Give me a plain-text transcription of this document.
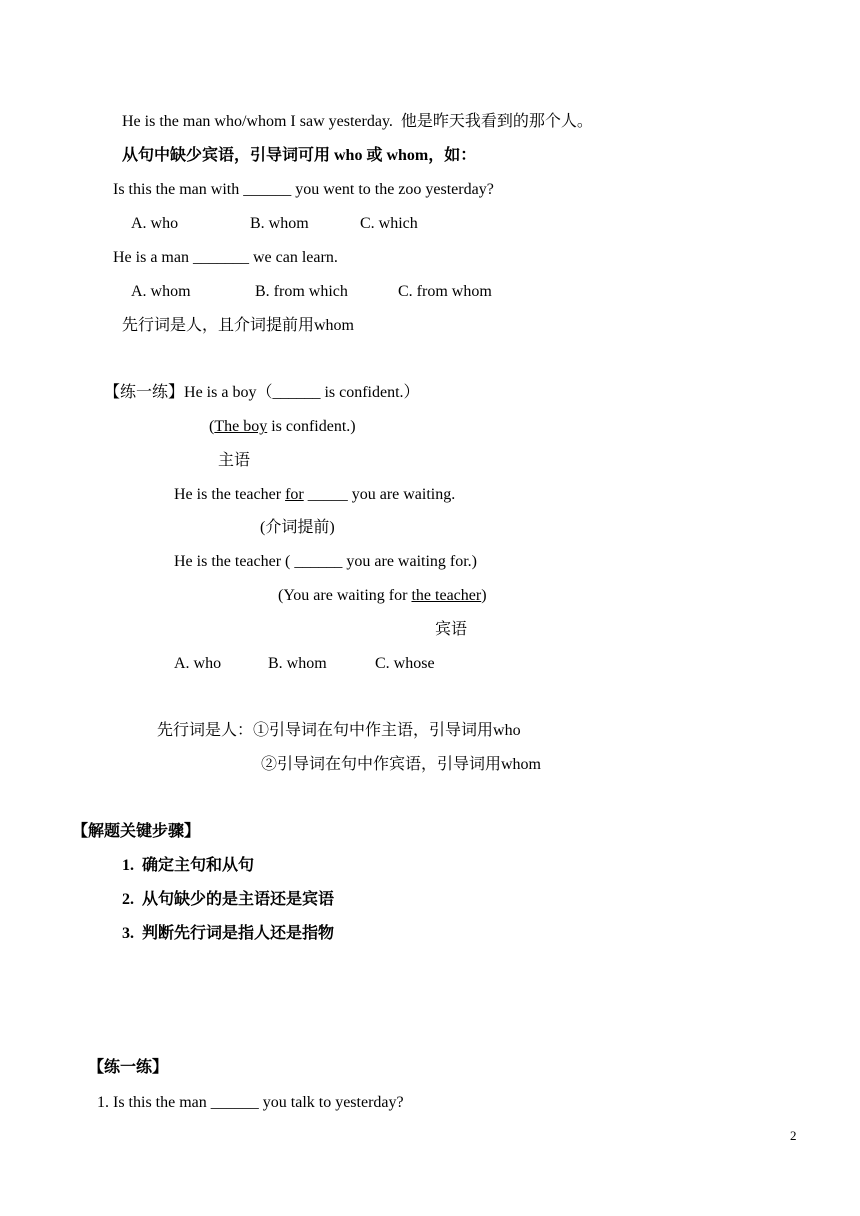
He is the man who/whom I saw yesterday.  他是昨天我看到的那个人。
从句中缺少宾语，引导词可用 who 或 whom，如：
Is this the man with ______ you went to the zoo yesterday?
A. who	B. whom	C. which
He is a man _______ we can learn.
A. whom	B. from which	C. from whom
先行词是人，且介词提前用whom
【练一练】He is a boy（______ is confident.）
(The boy is confident.)
主语
He is the teacher for _____ you are waiting.
(介词提前)
He is the teacher ( ______ you are waiting for.)
(You are waiting for the teacher)
宾语
A. who	B. whom	C. whose
先行词是人：①引导词在句中作主语，引导词用who
②引导词在句中作宾语，引导词用whom
【解题关键步骤】
1. 确定主句和从句
2. 从句缺少的是主语还是宾语
3. 判断先行词是指人还是指物
【练一练】
1. Is this the man ______ you talk to yesterday?
2
